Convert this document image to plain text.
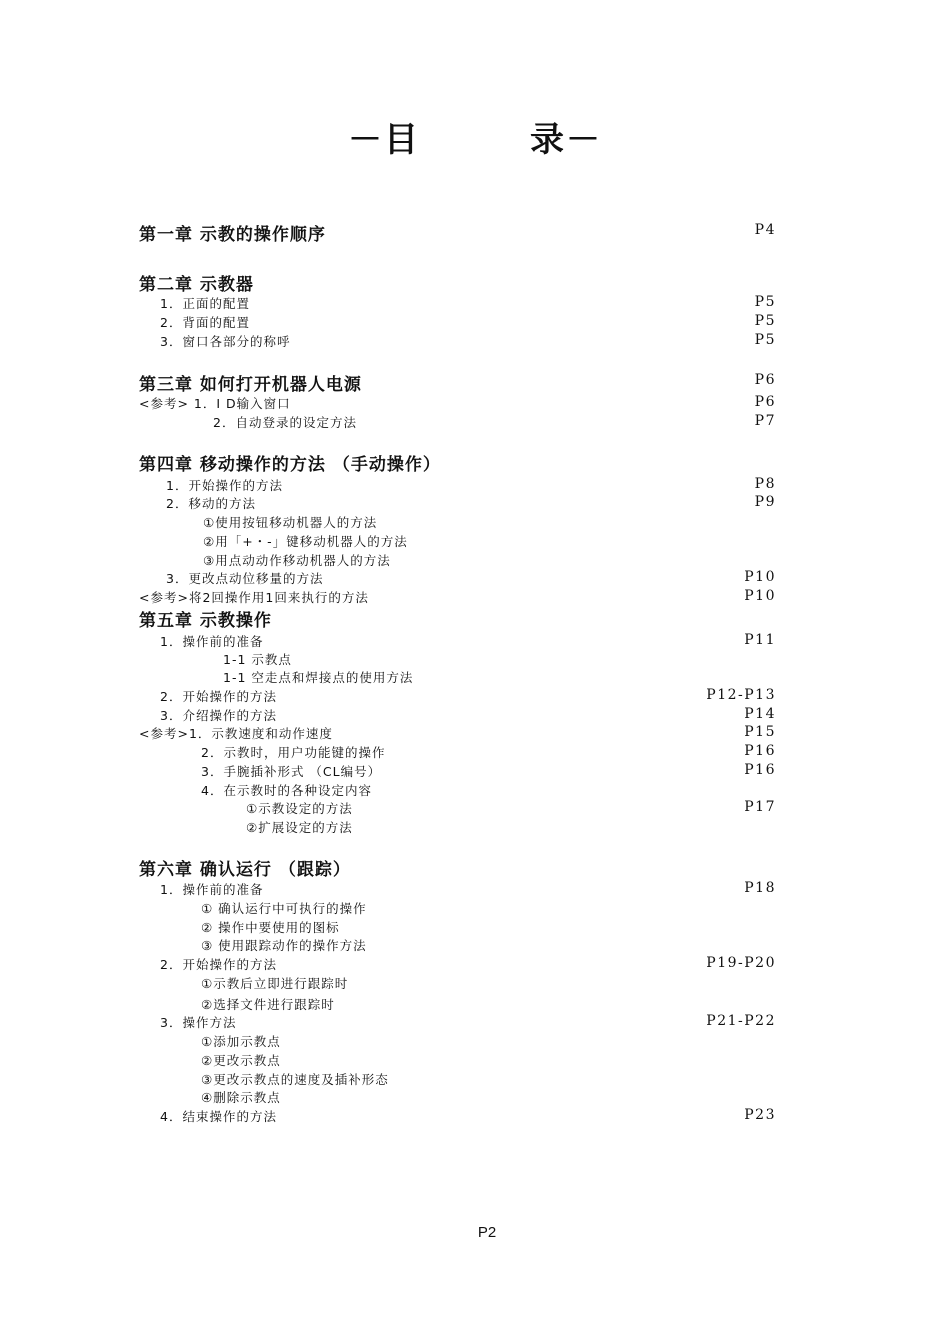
－目	录－
第一章 示教的操作顺序	P4
第二章 示教器
1．正面的配置	P5
2．背面的配置	P5
3．窗口各部分的称呼	P5
第三章 如何打开机器人电源	P6
<参考> 1．I D输入窗口	P6
2．自动登录的设定方法	P7
第四章 移动操作的方法 （手动操作）
1．开始操作的方法	P8
2．移动的方法	P9
①使用按钮移动机器人的方法
②用「+・-」键移动机器人的方法
③用点动动作移动机器人的方法
3．更改点动位移量的方法	P10
<参考>将2回操作用1回来执行的方法	P10
第五章 示教操作
1．操作前的准备	P11
1-1 示教点
1-1 空走点和焊接点的使用方法
2．开始操作的方法	P12-P13
3．介绍操作的方法	P14
<参考>1．示教速度和动作速度	P15
2．示教时，用户功能键的操作	P16
3．手腕插补形式 （CL编号）	P16
4．在示教时的各种设定内容
①示教设定的方法	P17
②扩展设定的方法
第六章 确认运行 （跟踪）
1．操作前的准备	P18
① 确认运行中可执行的操作
② 操作中要使用的图标
③ 使用跟踪动作的操作方法
2．开始操作的方法	P19-P20
①示教后立即进行跟踪时
②选择文件进行跟踪时
3．操作方法	P21-P22
①添加示教点
②更改示教点
③更改示教点的速度及插补形态
④删除示教点
4．结束操作的方法	P23
P2
